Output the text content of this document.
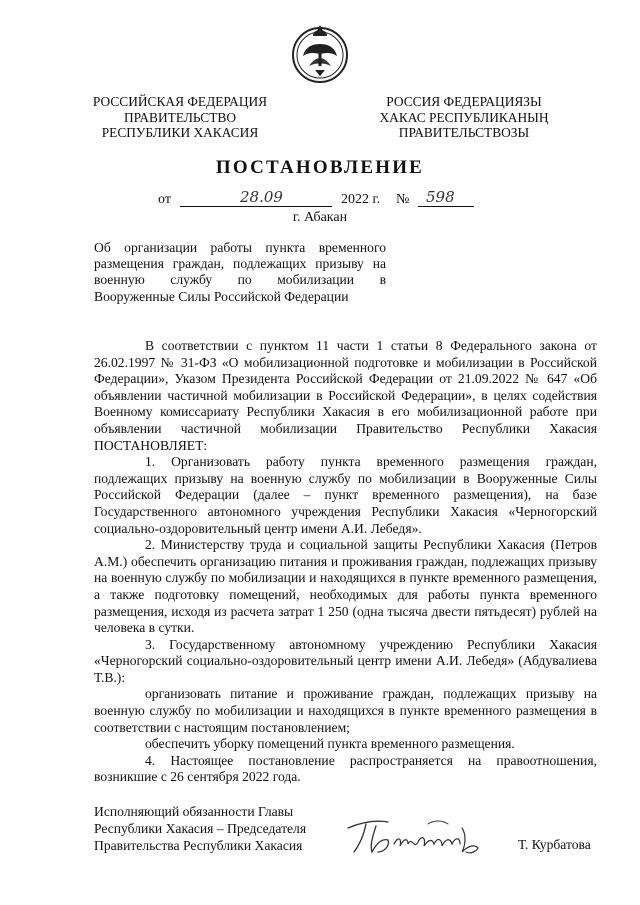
РОССИЙСКАЯ ФЕДЕРАЦИЯ
ПРАВИТЕЛЬСТВО
РЕСПУБЛИКИ ХАКАСИЯ
РОССИЯ ФЕДЕРАЦИЯЗЫ
ХАКАС РЕСПУБЛИКАНЫҢ
ПРАВИТЕЛЬСТВОЗЫ
ПОСТАНОВЛЕНИЕ
от	28.09	2022 г. № 598
г. Абакан
Об организации работы пункта временного
размещения граждан, подлежащих призыву на
военную службу по мобилизации в
Вооруженные Силы Российской Федерации

В соответствии с пунктом 11 части 1 статьи 8 Федерального закона от 26.02.1997 № 31-ФЗ «О мобилизационной подготовке и мобилизации в Российской Федерации», Указом Президента Российской Федерации от 21.09.2022 № 647 «Об объявлении частичной мобилизации в Российской Федерации», в целях содействия Военному комиссариату Республики Хакасия в его мобилизационной работе при объявлении частичной мобилизации Правительство Республики Хакасия ПОСТАНОВЛЯЕТ:

1. Организовать работу пункта временного размещения граждан, подлежащих призыву на военную службу по мобилизации в Вооруженные Силы Российской Федерации (далее – пункт временного размещения), на базе Государственного автономного учреждения Республики Хакасия «Черногорский социально-оздоровительный центр имени А.И. Лебедя».

2. Министерству труда и социальной защиты Республики Хакасия (Петров А.М.) обеспечить организацию питания и проживания граждан, подлежащих призыву на военную службу по мобилизации и находящихся в пункте временного размещения, а также подготовку помещений, необходимых для работы пункта временного размещения, исходя из расчета затрат 1 250 (одна тысяча двести пятьдесят) рублей на человека в сутки.

3. Государственному автономному учреждению Республики Хакасия «Черногорский социально-оздоровительный центр имени А.И. Лебедя» (Абдувалиева Т.В.):

организовать питание и проживание граждан, подлежащих призыву на военную службу по мобилизации и находящихся в пункте временного размещения в соответствии с настоящим постановлением;

обеспечить уборку помещений пункта временного размещения.

4. Настоящее постановление распространяется на правоотношения, возникшие с 26 сентября 2022 года.

Исполняющий обязанности Главы
Республики Хакасия – Председателя
Правительства Республики Хакасия	Т. Курбатова
